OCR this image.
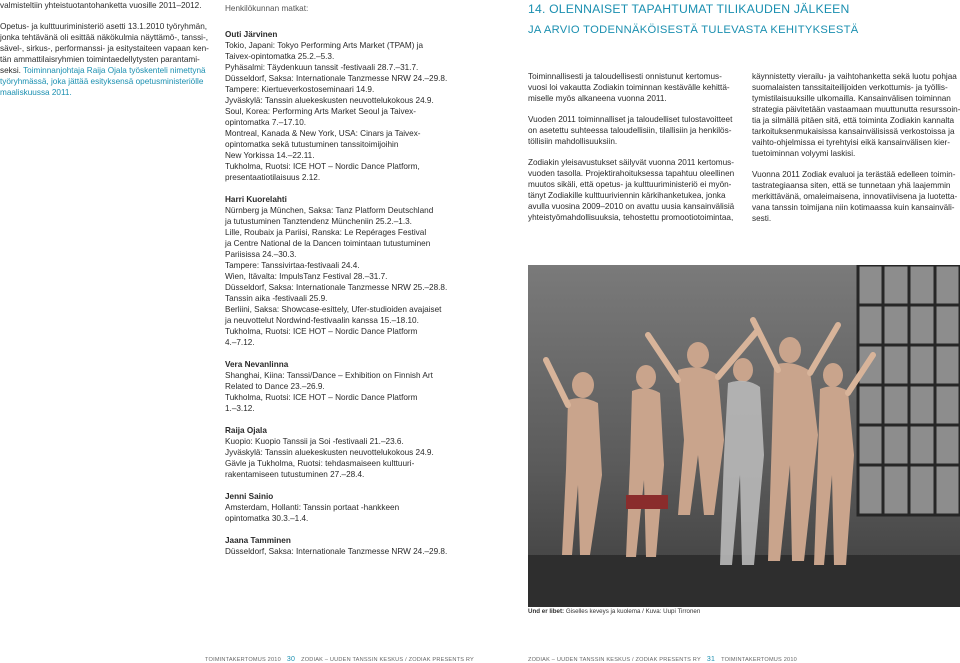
valmisteltiin yhteistuotantohanketta vuosille 2011–2012.

Opetus- ja kulttuuriministeriö asetti 13.1.2010 työryhmän,
jonka tehtävänä oli esittää näkökulmia näyttämö-, tanssi-,
sävel-, sirkus-, performanssi- ja esitystaiteen vapaan ken-
tän ammattilaisryhmien toimintaedellytysten parantami-
seksi. Toiminnanjohtaja Raija Ojala työskenteli nimettynä
työryhmässä, joka jättää esityksensä opetusministeriölle
maaliskuussa 2011.

Henkilökunnan matkat:
Outi Järvinen
Tokio, Japani: Tokyo Performing Arts Market (TPAM) ja
Taivex-opintomatka 25.2.–5.3.
Pyhäsalmi: Täydenkuun tanssit -festivaali 28.7.–31.7.
Düsseldorf, Saksa: Internationale Tanzmesse NRW 24.–29.8.
Tampere: Kiertueverkostoseminaari 14.9.
Jyväskylä: Tanssin aluekeskusten neuvottelukokous 24.9.
Soul, Korea: Performing Arts Market Seoul ja Taivex-
opintomatka 7.–17.10.
Montreal, Kanada & New York, USA: Cinars ja Taivex-
opintomatka sekä tutustuminen tanssitoimijoihin
New Yorkissa 14.–22.11.
Tukholma, Ruotsi: ICE HOT – Nordic Dance Platform,
presentaatiotilaisuus 2.12.
Harri Kuorelahti
Nürnberg ja München, Saksa: Tanz Platform Deutschland
ja tutustuminen Tanztendenz Müncheniin 25.2.–1.3.
Lille, Roubaix ja Pariisi, Ranska: Le Repérages Festival
ja Centre National de la Dancen toimintaan tutustuminen
Pariisissa 24.–30.3.
Tampere: Tanssivirtaa-festivaali 24.4.
Wien, Itävalta: ImpulsTanz Festival 28.–31.7.
Düsseldorf, Saksa: Internationale Tanzmesse NRW 25.–28.8.
Tanssin aika -festivaali 25.9.
Berliini, Saksa: Showcase-esittely, Ufer-studioiden avajaiset
ja neuvottelut Nordwind-festivaalin kanssa 15.–18.10.
Tukholma, Ruotsi: ICE HOT – Nordic Dance Platform
4.–7.12.
Vera Nevanlinna
Shanghai, Kiina: Tanssi/Dance – Exhibition on Finnish Art
Related to Dance 23.–26.9.
Tukholma, Ruotsi: ICE HOT – Nordic Dance Platform
1.–3.12.
Raija Ojala
Kuopio: Kuopio Tanssii ja Soi -festivaali 21.–23.6.
Jyväskylä: Tanssin aluekeskusten neuvottelukokous 24.9.
Gävle ja Tukholma, Ruotsi: tehdasmaiseen kulttuuri-
rakentamiseen tutustuminen 27.–28.4.
Jenni Sainio
Amsterdam, Hollanti: Tanssin portaat -hankkeen
opintomatka 30.3.–1.4.
Jaana Tamminen
Düsseldorf, Saksa: Internationale Tanzmesse NRW 24.–29.8.
14. OLENNAISET TAPAHTUMAT TILIKAUDEN JÄLKEEN
JA ARVIO TODENNÄKÖISESTÄ TULEVASTA KEHITYKSESTÄ

Toiminnallisesti ja taloudellisesti onnistunut kertomus-
vuosi loi vakautta Zodiakin toiminnan kestävälle kehittä-
miselle myös alkaneena vuonna 2011.

Vuoden 2011 toiminnalliset ja taloudelliset tulostavoitteet
on asetettu suhteessa taloudellisiin, tilallisiin ja henkilös-
töllisiin mahdollisuuksiin.

Zodiakin yleisavustukset säilyvät vuonna 2011 kertomus-
vuoden tasolla. Projektirahoituksessa tapahtuu oleellinen
muutos sikäli, että opetus- ja kulttuuriministeriö ei myön-
tänyt Zodiakille kulttuuriviennin kärkihanketukea, jonka
avulla vuosina 2009–2010 on avattu uusia kansainvälisiä
yhteistyömahdollisuuksia, tehostettu promootiotoimintaa,

käynnistetty vierailu- ja vaihtohanketta sekä luotu pohjaa
suomalaisten tanssitaiteilijoiden verkottumis- ja työllis-
tymistilaisuuksille ulkomailla. Kansainvälisen toiminnan
strategia päivitetään vastaamaan muuttunutta resurssoin-
tia ja silmällä pitäen sitä, että toiminta Zodiakin kannalta
tarkoituksenmukaisissa kansainvälisissä verkostoissa ja
vaihto-ohjelmissa ei tyrehtyisi eikä kansainvälisen kier-
tuetoiminnan volyymi laskisi.

Vuonna 2011 Zodiak evaluoi ja terästää edelleen toimin-
tastrategiaansa siten, että se tunnetaan yhä laajemmin
merkittävänä, omaleimaisena, innovatiivisena ja luotetta-
vana tanssin toimijana niin kotimaassa kuin kansainväli-
sesti.

Und er libet: Giselles keveys ja kuolema / Kuva: Uupi Tirronen
TOIMINTAKERTOMUS 2010 30 ZODIAK – UUDEN TANSSIN KESKUS / ZODIAK PRESENTS RY	ZODIAK – UUDEN TANSSIN KESKUS / ZODIAK PRESENTS RY 31 TOIMINTAKERTOMUS 2010
